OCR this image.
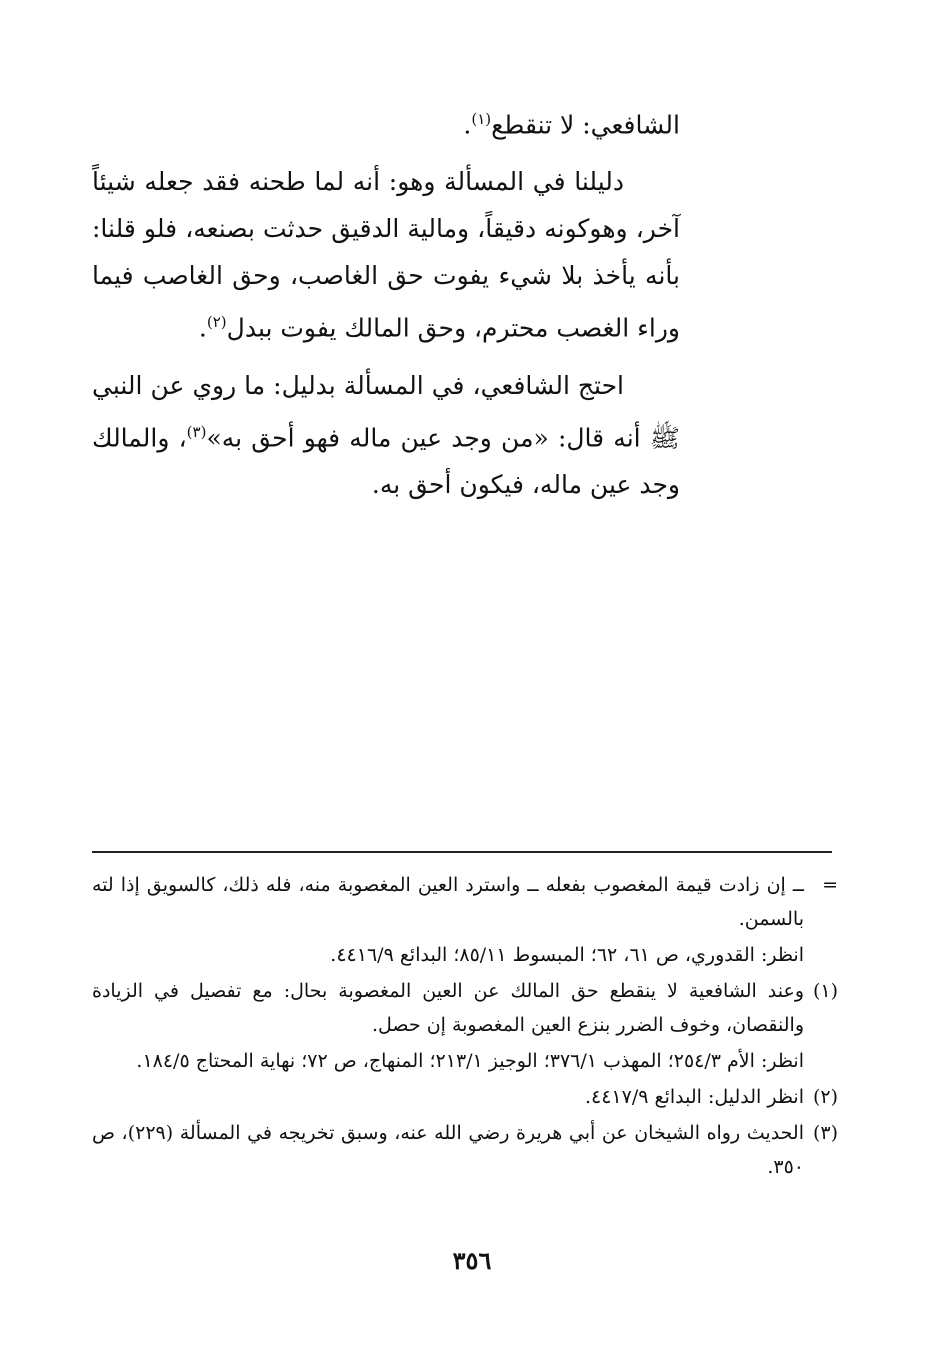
الشافعي: لا تنقطع$^{(١)}$.

دليلنا في المسألة وهو: أنه لما طحنه فقد جعله شيئاً آخر، وهوكونه دقيقاً، ومالية الدقيق حدثت بصنعه، فلو قلنا: بأنه يأخذ بلا شيء يفوت حق الغاصب، وحق الغاصب فيما وراء الغصب محترم، وحق المالك يفوت ببدل$^{(٢)}$.

احتج الشافعي، في المسألة بدليل: ما روي عن النبي ﷺ أنه قال: «من وجد عين ماله فهو أحق به»$^{(٣)}$، والمالك وجد عين ماله، فيكون أحق به.

=
ــ إن زادت قيمة المغصوب بفعله ــ واسترد العين المغصوبة منه، فله ذلك، كالسويق إذا لته بالسمن.
انظر: القدوري، ص ٦١، ٦٢؛ المبسوط ٨٥/١١؛ البدائع ٤٤١٦/٩.
(١)
وعند الشافعية لا ينقطع حق المالك عن العين المغصوبة بحال: مع تفصيل في الزيادة والنقصان، وخوف الضرر بنزع العين المغصوبة إن حصل.
انظر: الأم ٢٥٤/٣؛ المهذب ٣٧٦/١؛ الوجيز ٢١٣/١؛ المنهاج، ص ٧٢؛ نهاية المحتاج ١٨٤/٥.
(٢)
انظر الدليل: البدائع ٤٤١٧/٩.
(٣)
الحديث رواه الشيخان عن أبي هريرة رضي الله عنه، وسبق تخريجه في المسألة (٢٢٩)، ص ٣٥٠.
٣٥٦
